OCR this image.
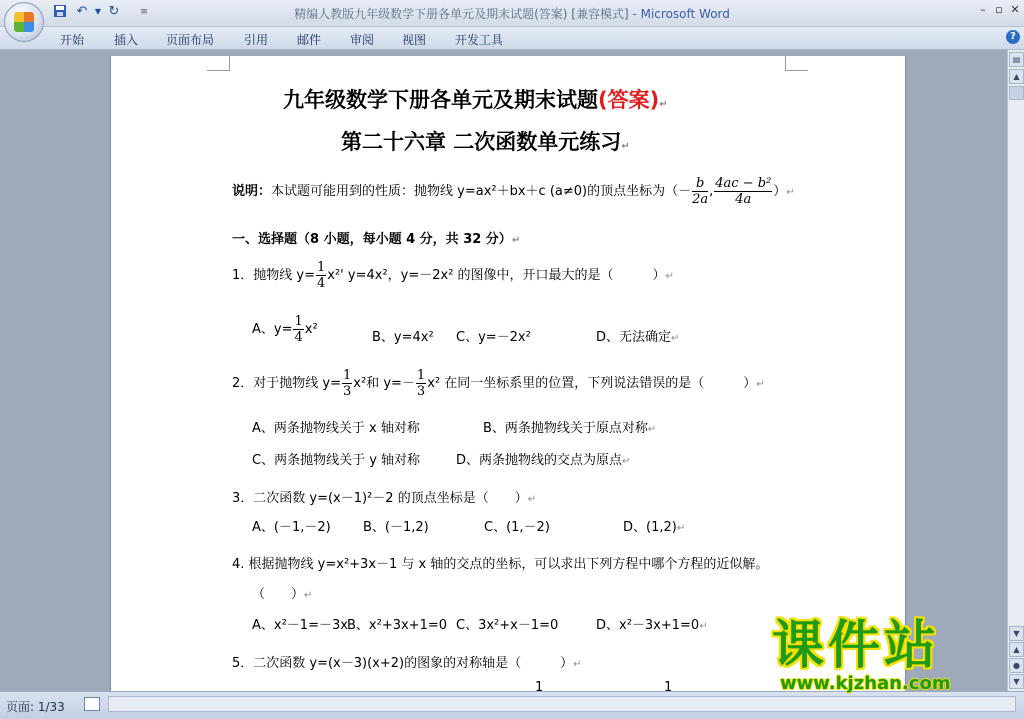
↶ ▼ ↻	≡	精编人教版九年级数学下册各单元及期末试题(答案) [兼容模式] - Microsoft Word	– ▫ ✕
开始 插入 页面布局 引用 邮件 审阅 视图 开发工具	?
九年级数学下册各单元及期末试题(答案)↵
第二十六章 二次函数单元练习↵
说明：本试题可能用到的性质：抛物线 y=ax²＋bx＋c (a≠0)的顶点坐标为（－ $\frac{b}{2a}$ , $\frac{\text{4ac − b²}}{4a}$ ）↵
一、选择题（8 小题，每小题 4 分，共 32 分）↵
1．抛物线 $y= \frac{1}{4} x^2'$ y=4x²，y=－2x² 的图像中，开口最大的是（　　　）↵
A、$y= \frac{1}{4} x^2$
B、y=4x² C、y=－2x²	D、无法确定↵
2．对于抛物线 $y= \frac{1}{3} x^2$和 $y=- \frac{1}{3} x^2$ 在同一坐标系里的位置，下列说法错误的是（　　　）↵
A、两条抛物线关于 x 轴对称	B、两条抛物线关于原点对称↵
C、两条抛物线关于 y 轴对称	D、两条抛物线的交点为原点↵
3．二次函数 y=(x－1)²－2 的顶点坐标是（　　）↵
A、(－1,－2) B、(－1,2)	C、(1,－2)	D、(1,2)↵
4. 根据抛物线 y=x²+3x－1 与 x 轴的交点的坐标，可以求出下列方程中哪个方程的近似解。
（　　）↵
A、x²－1=－3x B、x²+3x+1=0 C、3x²+x－1=0	D、x²－3x+1=0↵
5．二次函数 y=(x－3)(x+2)的图象的对称轴是（　　　）↵
1	1
▤
▲
▼
▲
●
▼
页面: 1/33
课件站
www.kjzhan.com
